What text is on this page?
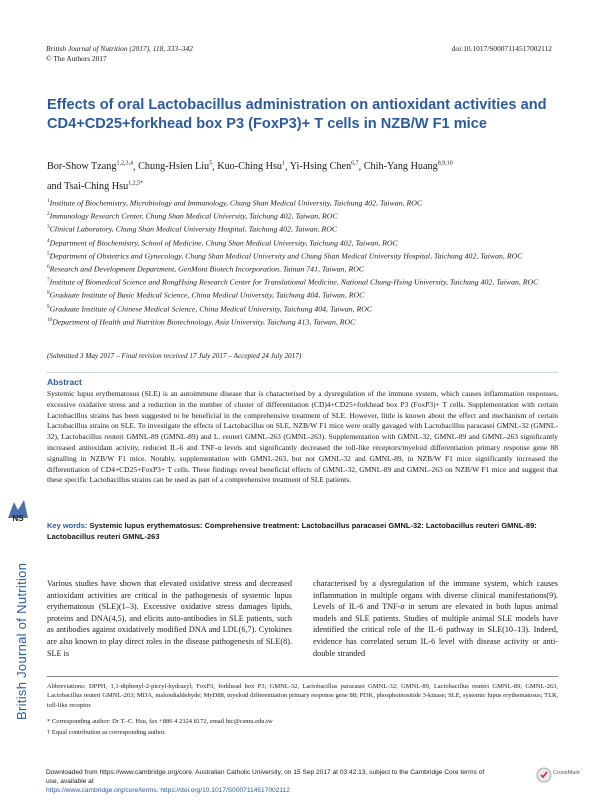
British Journal of Nutrition (2017), 118, 333–342
© The Authors 2017
doi:10.1017/S0007114517002112
Effects of oral Lactobacillus administration on antioxidant activities and CD4+CD25+forkhead box P3 (FoxP3)+ T cells in NZB/W F1 mice
Bor-Show Tzang$^{1,2,3,4}$, Chung-Hsien Liu$^5$, Kuo-Ching Hsu$^1$, Yi-Hsing Chen$^{6,7}$, Chih-Yang Huang$^{8,9,10}$
and Tsai-Ching Hsu$^{1,2,5*}$
$^1$Institute of Biochemistry, Microbiology and Immunology, Chung Shan Medical University, Taichung 402, Taiwan, ROC
$^2$Immunology Research Center, Chung Shan Medical University, Taichung 402, Taiwan, ROC
$^3$Clinical Laboratory, Chung Shan Medical University Hospital, Taichung 402, Taiwan, ROC
$^4$Department of Biochemistry, School of Medicine, Chung Shan Medical University, Taichung 402, Taiwan, ROC
$^5$Department of Obstetrics and Gynecology, Chung Shan Medical University and Chung Shan Medical University Hospital, Taichung 402, Taiwan, ROC
$^6$Research and Development Department, GenMont Biotech Incorporation, Tainan 741, Taiwan, ROC
$^7$Institute of Biomedical Science and RongHsing Research Center for Translational Medicine, National Chung-Hsing University, Taichung 402, Taiwan, ROC
$^8$Graduate Institute of Basic Medical Science, China Medical University, Taichung 404, Taiwan, ROC
$^9$Graduate Institute of Chinese Medical Science, China Medical University, Taichung 404, Taiwan, ROC
$^{10}$Department of Health and Nutrition Biotechnology, Asia University, Taichung 413, Taiwan, ROC
(Submitted 3 May 2017 – Final revision received 17 July 2017 – Accepted 24 July 2017)
Abstract
Systemic lupus erythematosus (SLE) is an autoimmune disease that is characterised by a dysregulation of the immune system, which causes inflammation responses, excessive oxidative stress and a reduction in the number of cluster of differentiation (CD)4+CD25+forkhead box P3 (FoxP3)+ T cells. Supplementation with certain Lactobacillus strains has been suggested to be beneficial in the comprehensive treatment of SLE. However, little is known about the effect and mechanism of certain Lactobacillus strains on SLE. To investigate the effects of Lactobacillus on SLE, NZB/W F1 mice were orally gavaged with Lactobacillus paracasei GMNL-32 (GMNL-32), Lactobacillus reuteri GMNL-89 (GMNL-89) and L. reuteri GMNL-263 (GMNL-263). Supplementation with GMNL-32, GMNL-89 and GMNL-263 significantly increased antioxidant activity, reduced IL-6 and TNF-α levels and significantly decreased the toll-like receptors/myeloid differentiation primary response gene 88 signalling in NZB/W F1 mice. Notably, supplementation with GMNL-263, but not GMNL-32 and GMNL-89, in NZB/W F1 mice significantly increased the differentiation of CD4+CD25+FoxP3+ T cells. These findings reveal beneficial effects of GMNL-32, GMNL-89 and GMNL-263 on NZB/W F1 mice and suggest that these specific Lactobacillus strains can be used as part of a comprehensive treatment of SLE patients.
Key words: Systemic lupus erythematosus: Comprehensive treatment: Lactobacillus paracasei GMNL-32: Lactobacillus reuteri GMNL-89: Lactobacillus reuteri GMNL-263
Various studies have shown that elevated oxidative stress and decreased antioxidant activities are critical in the pathogenesis of systemic lupus erythematosus (SLE)(1–3). Excessive oxidative stress damages lipids, proteins and DNA(4,5), and elicits auto-antibodies in SLE patients, such as antibodies against oxidatively modified DNA and LDL(6,7). Cytokines are also known to play direct roles in the disease pathogenesis of SLE(8). SLE is
characterised by a dysregulation of the immune system, which causes inflammation in multiple organs with diverse clinical manifestations(9). Levels of IL-6 and TNF-α in serum are elevated in both lupus animal models and SLE patients. Studies of multiple animal SLE models have identified the critical role of the IL-6 pathway in SLE(10–13). Indeed, evidence has correlated serum IL-6 level with disease activity or anti-double stranded
Abbreviations: DPPH, 1,1-diphenyl-2-picryl-hydrazyl; FoxP3, forkhead box P3; GMNL-32, Lactobacillus paracasei GMNL-32; GMNL-89, Lactobacillus reuteri GMNL-89; GMNL-263, Lactobacillus reuteri GMNL-263; MDA, malondialdehyde; MyD88, myeloid differentiation primary response gene 88; PI3K, phosphoinositide 3-kinase; SLE, systemic lupus erythematosus; TLR, toll-like receptor.
* Corresponding author: Dr T.-C. Hsu, fax +886 4 2324 8172, email htc@csmu.edu.tw
† Equal contribution as corresponding author.
Downloaded from https://www.cambridge.org/core. Australian Catholic University, on 15 Sep 2017 at 03:42:13, subject to the Cambridge Core terms of use, available at
https://www.cambridge.org/core/terms. https://doi.org/10.1017/S0007114517002112
British Journal of Nutrition
NS
CrossMark
